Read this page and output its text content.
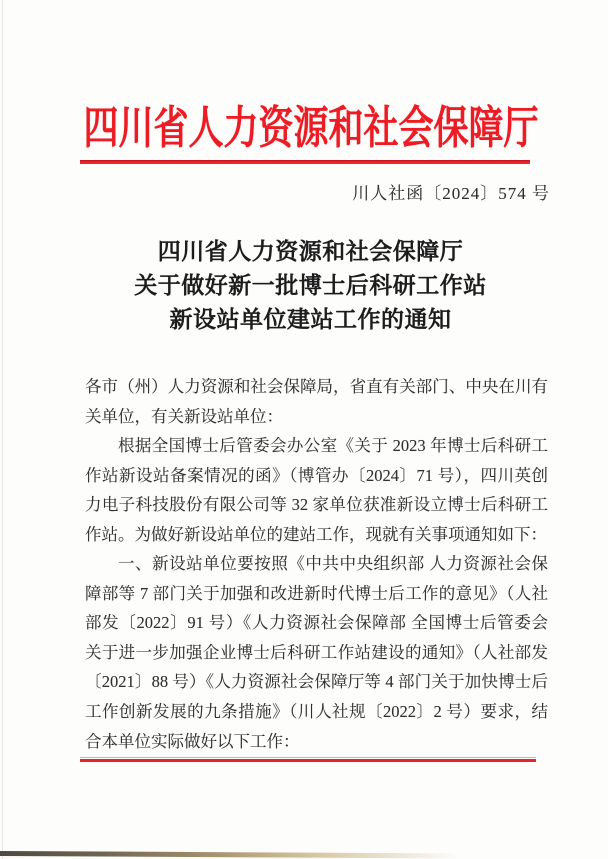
四川省人力资源和社会保障厅
川人社函〔2024〕574 号
四川省人力资源和社会保障厅
关于做好新一批博士后科研工作站
新设站单位建站工作的通知
各市（州）人力资源和社会保障局，省直有关部门、中央在川有
关单位，有关新设站单位：
根据全国博士后管委会办公室《关于 2023 年博士后科研工
作站新设站备案情况的函》（博管办〔2024〕71 号），四川英创
力电子科技股份有限公司等 32 家单位获准新设立博士后科研工
作站。为做好新设站单位的建站工作，现就有关事项通知如下：
一、新设站单位要按照《中共中央组织部 人力资源社会保
障部等 7 部门关于加强和改进新时代博士后工作的意见》（人社
部发〔2022〕91 号）《人力资源社会保障部 全国博士后管委会
关于进一步加强企业博士后科研工作站建设的通知》（人社部发
〔2021〕88 号）《人力资源社会保障厅等 4 部门关于加快博士后
工作创新发展的九条措施》（川人社规〔2022〕2 号）要求，结
合本单位实际做好以下工作：
